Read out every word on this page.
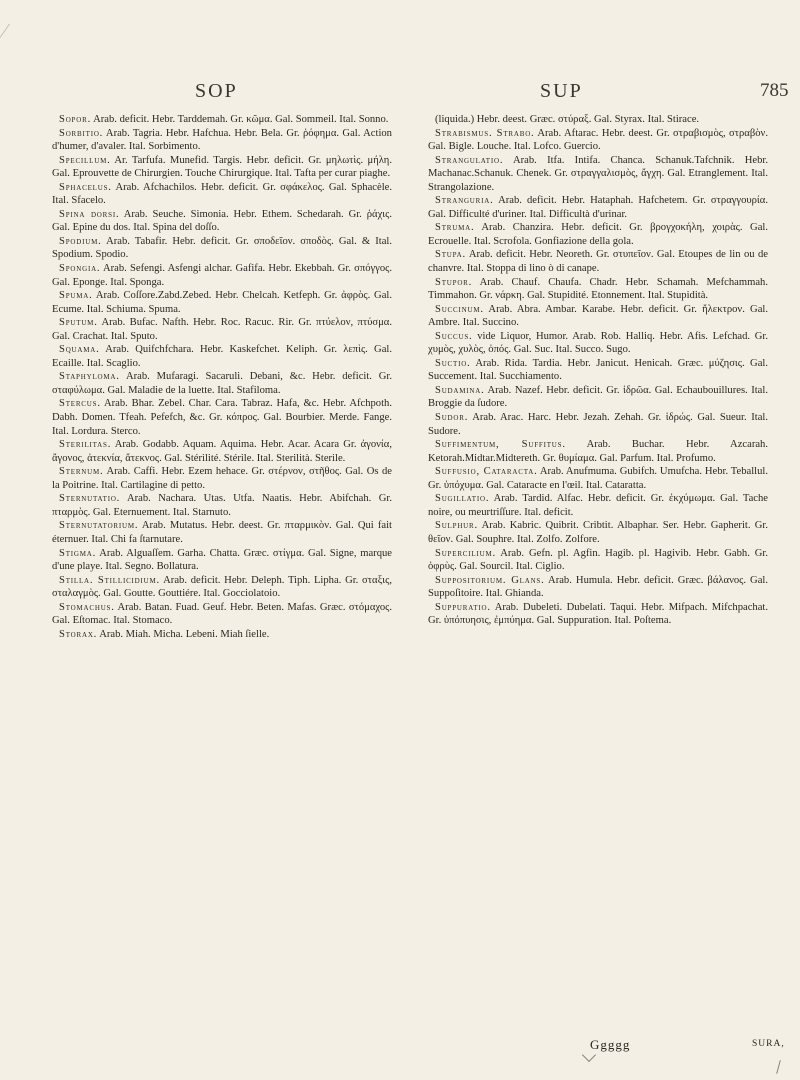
SOP	SUP	785

Sopor. Arab. deficit. Hebr. Tarddemah. Gr. κῶμα. Gal. Sommeil. Ital. Sonno.

Sorbitio. Arab. Tagria. Hebr. Hafchua. Hebr. Bela. Gr. ῥόφημα. Gal. Action d'humer, d'avaler. Ital. Sorbimento.

Specillum. Ar. Tarfufa. Munefid. Targis. Hebr. deficit. Gr. μηλωτὶς. μήλη. Gal. Eprouvette de Chirurgien. Touche Chirurgique. Ital. Tafta per curar piaghe.

Sphacelus. Arab. Afchachilos. Hebr. deficit. Gr. σφάκελος. Gal. Sphacèle. Ital. Sfacelo.

Spina dorsi. Arab. Seuche. Simonia. Hebr. Ethem. Schedarah. Gr. ῥάχις. Gal. Epine du dos. Ital. Spina del doſſo.

Spodium. Arab. Tabafir. Hebr. deficit. Gr. σποδεῖον. σποδὸς. Gal. & Ital. Spodium. Spodio.

Spongia. Arab. Sefengi. Asfengi alchar. Gafifa. Hebr. Ekebbah. Gr. σπόγγος. Gal. Eponge. Ital. Sponga.

Spuma. Arab. Coſſore.Zabd.Zebed. Hebr. Chelcah. Ketfeph. Gr. ἀφρὸς. Gal. Ecume. Ital. Schiuma. Spuma.

Sputum. Arab. Bufac. Nafth. Hebr. Roc. Racuc. Rir. Gr. πτύελον, πτύσμα. Gal. Crachat. Ital. Sputo.

Squama. Arab. Quifchfchara. Hebr. Kaskefchet. Keliph. Gr. λεπὶς. Gal. Ecaille. Ital. Scaglio.

Staphyloma. Arab. Mufaragi. Sacaruli. Debani, &c. Hebr. deficit. Gr. σταφύλωμα. Gal. Maladie de la luette. Ital. Stafiloma.

Stercus. Arab. Bhar. Zebel. Char. Cara. Tabraz. Hafa, &c. Hebr. Afchpoth. Dabh. Domen. Tfeah. Pefefch, &c. Gr. κόπρος. Gal. Bourbier. Merde. Fange. Ital. Lordura. Sterco.

Sterilitas. Arab. Godabb. Aquam. Aquima. Hebr. Acar. Acara Gr. ἀγονία, ἄγονος, ἀτεκνία, ἄτεκνος. Gal. Stérilité. Stérile. Ital. Sterilità. Sterile.

Sternum. Arab. Caffi. Hebr. Ezem hehace. Gr. στέρνον, στῆθος. Gal. Os de la Poitrine. Ital. Cartilagine di petto.

Sternutatio. Arab. Nachara. Utas. Utfa. Naatis. Hebr. Abifchah. Gr. πταρμὸς. Gal. Eternuement. Ital. Starnuto.

Sternutatorium. Arab. Mutatus. Hebr. deest. Gr. πταρμικὸν. Gal. Qui fait éternuer. Ital. Chi fa ſtarnutare.

Stigma. Arab. Alguaſſem. Garha. Chatta. Græc. στίγμα. Gal. Signe, marque d'une playe. Ital. Segno. Bollatura.

Stilla. Stillicidium. Arab. deficit. Hebr. Deleph. Tiph. Lipha. Gr. σταξις, σταλαγμὸς. Gal. Goutte. Gouttiére. Ital. Gocciolatoio.

Stomachus. Arab. Batan. Fuad. Geuf. Hebr. Beten. Mafas. Græc. στόμαχος. Gal. Eſtomac. Ital. Stomaco.

Storax. Arab. Miah. Micha. Lebeni. Miah ſielle.

(liquida.) Hebr. deest. Græc. στύραξ. Gal. Styrax. Ital. Stirace.

Strabismus. Strabo. Arab. Aftarac. Hebr. deest. Gr. στραβισμὸς, στραβὸν. Gal. Bigle. Louche. Ital. Lofco. Guercio.

Strangulatio. Arab. Itfa. Intifa. Chanca. Schanuk.Tafchnik. Hebr. Machanac.Schanuk. Chenek. Gr. στραγγαλισμὸς, ἄγχη. Gal. Etranglement. Ital. Strangolazione.

Stranguria. Arab. deficit. Hebr. Hataphah. Hafchetem. Gr. στραγγουρία. Gal. Difficulté d'uriner. Ital. Difficultà d'urinar.

Struma. Arab. Chanzira. Hebr. deficit. Gr. βρογχοκήλη, χοιρὰς. Gal. Ecrouelle. Ital. Scrofola. Gonfiazione della gola.

Stupa. Arab. deficit. Hebr. Neoreth. Gr. στυπεῖον. Gal. Etoupes de lin ou de chanvre. Ital. Stoppa di lino ò di canape.

Stupor. Arab. Chauf. Chaufa. Chadr. Hebr. Schamah. Mefchammah. Timmahon. Gr. νάρκη. Gal. Stupidité. Etonnement. Ital. Stupidità.

Succinum. Arab. Abra. Ambar. Karabe. Hebr. deficit. Gr. ἤλεκτρον. Gal. Ambre. Ital. Succino.

Succus. vide Liquor, Humor. Arab. Rob. Halliq. Hebr. Afis. Lefchad. Gr. χυμὸς, χυλὸς, ὀπός. Gal. Suc. Ital. Succo. Sugo.

Suctio. Arab. Rida. Tardia. Hebr. Janicut. Henicah. Græc. μύζησις. Gal. Succement. Ital. Succhiamento.

Sudamina. Arab. Nazef. Hebr. deficit. Gr. ἱδρῶα. Gal. Echaubouillures. Ital. Broggie da ſudore.

Sudor. Arab. Arac. Harc. Hebr. Jezah. Zehah. Gr. ἱδρώς. Gal. Sueur. Ital. Sudore.

Suffimentum, Suffitus. Arab. Buchar. Hebr. Azcarah. Ketorah.Midtar.Midtereth. Gr. θυμίαμα. Gal. Parfum. Ital. Profumo.

Suffusio, Cataracta. Arab. Anufmuma. Gubifch. Umufcha. Hebr. Teballul. Gr. ὑπόχυμα. Gal. Cataracte en l'œil. Ital. Cataratta.

Sugillatio. Arab. Tardid. Alfac. Hebr. deficit. Gr. ἐκχύμωμα. Gal. Tache noire, ou meurtriſſure. Ital. deficit.

Sulphur. Arab. Kabric. Quibrit. Cribtit. Albaphar. Ser. Hebr. Gapherit. Gr. θεῖον. Gal. Souphre. Ital. Zolfo. Zolfore.

Supercilium. Arab. Gefn. pl. Agfin. Hagib. pl. Hagivib. Hebr. Gabh. Gr. ὀφρὺς. Gal. Sourcil. Ital. Ciglio.

Suppositorium. Glans. Arab. Humula. Hebr. deficit. Græc. βάλανος. Gal. Suppoſitoire. Ital. Ghianda.

Suppuratio. Arab. Dubeleti. Dubelati. Taqui. Hebr. Mifpach. Mifchpachat. Gr. ὑπόπυησις, ἐμπύημα. Gal. Suppuration. Ital. Poſtema.

Ggggg	SURA,
